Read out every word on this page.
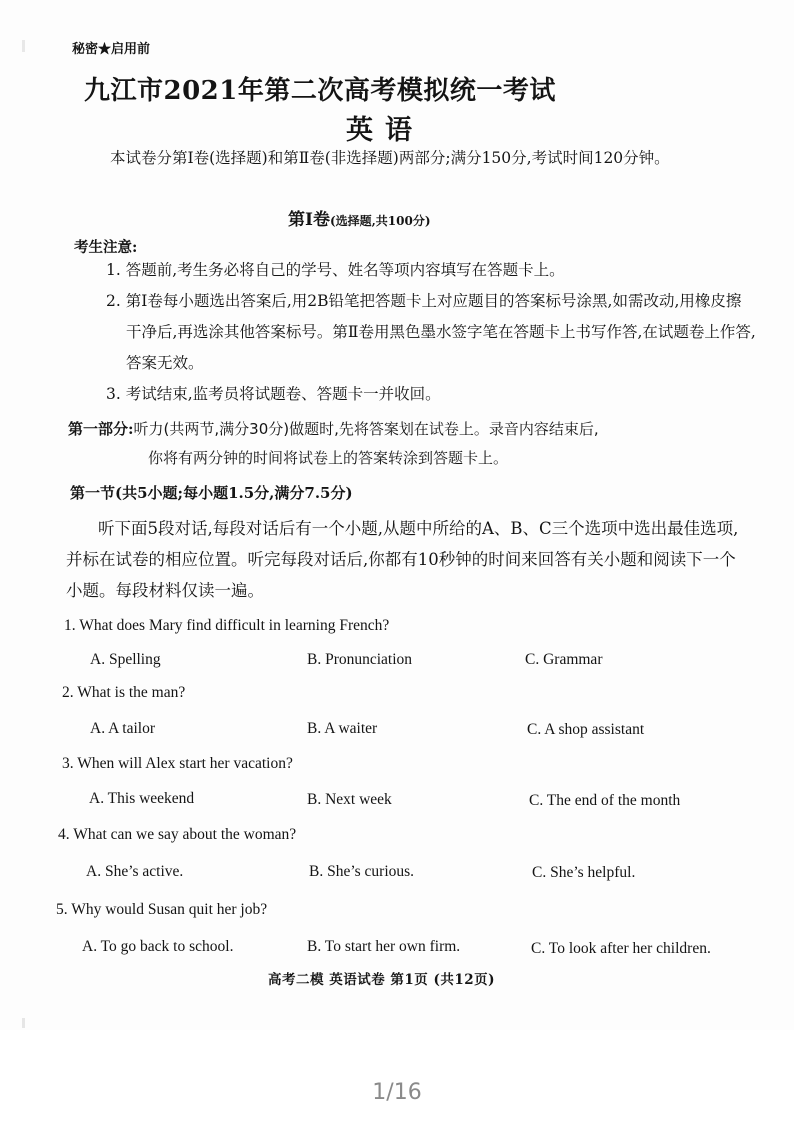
秘密★启用前
九江市2021年第二次高考模拟统一考试
英语
本试卷分第Ⅰ卷(选择题)和第Ⅱ卷(非选择题)两部分;满分150分,考试时间120分钟。
第Ⅰ卷(选择题,共100分)
考生注意:
1. 答题前,考生务必将自己的学号、姓名等项内容填写在答题卡上。
2. 第Ⅰ卷每小题选出答案后,用2B铅笔把答题卡上对应题目的答案标号涂黑,如需改动,用橡皮擦干净后,再选涂其他答案标号。第Ⅱ卷用黑色墨水签字笔在答题卡上书写作答,在试题卷上作答,答案无效。
3. 考试结束,监考员将试题卷、答题卡一并收回。
第一部分:听力(共两节,满分30分)做题时,先将答案划在试卷上。录音内容结束后,
你将有两分钟的时间将试卷上的答案转涂到答题卡上。
第一节(共5小题;每小题1.5分,满分7.5分)
听下面5段对话,每段对话后有一个小题,从题中所给的A、B、C三个选项中选出最佳选项,并标在试卷的相应位置。听完每段对话后,你都有10秒钟的时间来回答有关小题和阅读下一个小题。每段材料仅读一遍。
1. What does Mary find difficult in learning French?
A. Spelling	B. Pronunciation	C. Grammar
2. What is the man?
A. A tailor	B. A waiter	C. A shop assistant
3. When will Alex start her vacation?
A. This weekend	B. Next week	C. The end of the month
4. What can we say about the woman?
A. She’s active.	B. She’s curious.	C. She’s helpful.
5. Why would Susan quit her job?
A. To go back to school.	B. To start her own firm.	C. To look after her children.
高考二模 英语试卷 第1页 (共12页)
1/16
